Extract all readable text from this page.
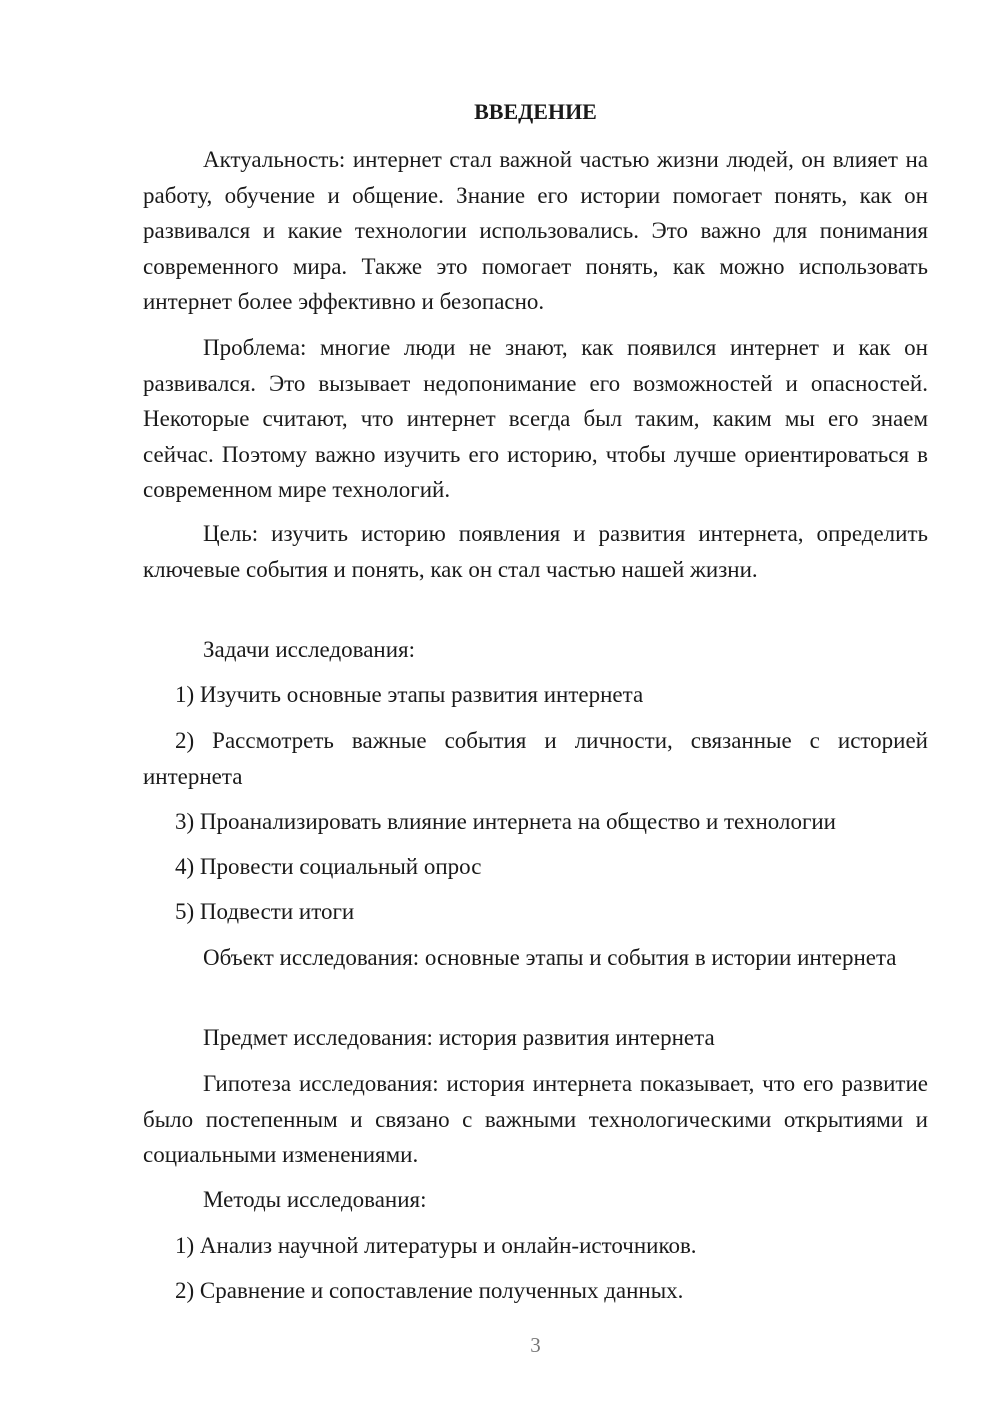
ВВЕДЕНИЕ

Актуальность: интернет стал важной частью жизни людей, он влияет на работу, обучение и общение. Знание его истории помогает понять, как он развивался и какие технологии использовались. Это важно для понимания современного мира. Также это помогает понять, как можно использовать интернет более эффективно и безопасно.

Проблема: многие люди не знают, как появился интернет и как он развивался. Это вызывает недопонимание его возможностей и опасностей. Некоторые считают, что интернет всегда был таким, каким мы его знаем сейчас. Поэтому важно изучить его историю, чтобы лучше ориентироваться в современном мире технологий.

Цель: изучить историю появления и развития интернета, определить ключевые события и понять, как он стал частью нашей жизни.

Задачи исследования:

1) Изучить основные этапы развития интернета

2) Рассмотреть важные события и личности, связанные с историей интернета

3) Проанализировать влияние интернета на общество и технологии

4) Провести социальный опрос

5) Подвести итоги

Объект исследования: основные этапы и события в истории интернета

Предмет исследования: история развития интернета

Гипотеза исследования: история интернета показывает, что его развитие было постепенным и связано с важными технологическими открытиями и социальными изменениями.

Методы исследования:

1) Анализ научной литературы и онлайн-источников.

2) Сравнение и сопоставление полученных данных.

3
